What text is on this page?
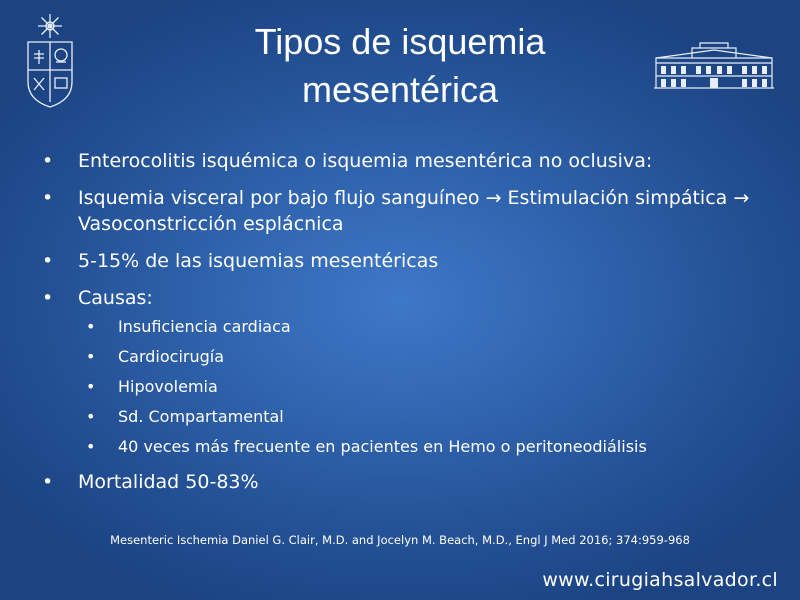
Tipos de isquemia
mesentérica
• Enterocolitis isquémica o isquemia mesentérica no oclusiva:
• Isquemia visceral por bajo flujo sanguíneo → Estimulación simpática → Vasoconstricción esplácnica
• 5-15% de las isquemias mesentéricas
• Causas:
• Insuficiencia cardiaca
• Cardiocirugía
• Hipovolemia
• Sd. Compartamental
• 40 veces más frecuente en pacientes en Hemo o peritoneodiálisis
• Mortalidad 50-83%
Mesenteric Ischemia Daniel G. Clair, M.D. and Jocelyn M. Beach, M.D., Engl J Med 2016; 374:959-968
www.cirugiahsalvador.cl
